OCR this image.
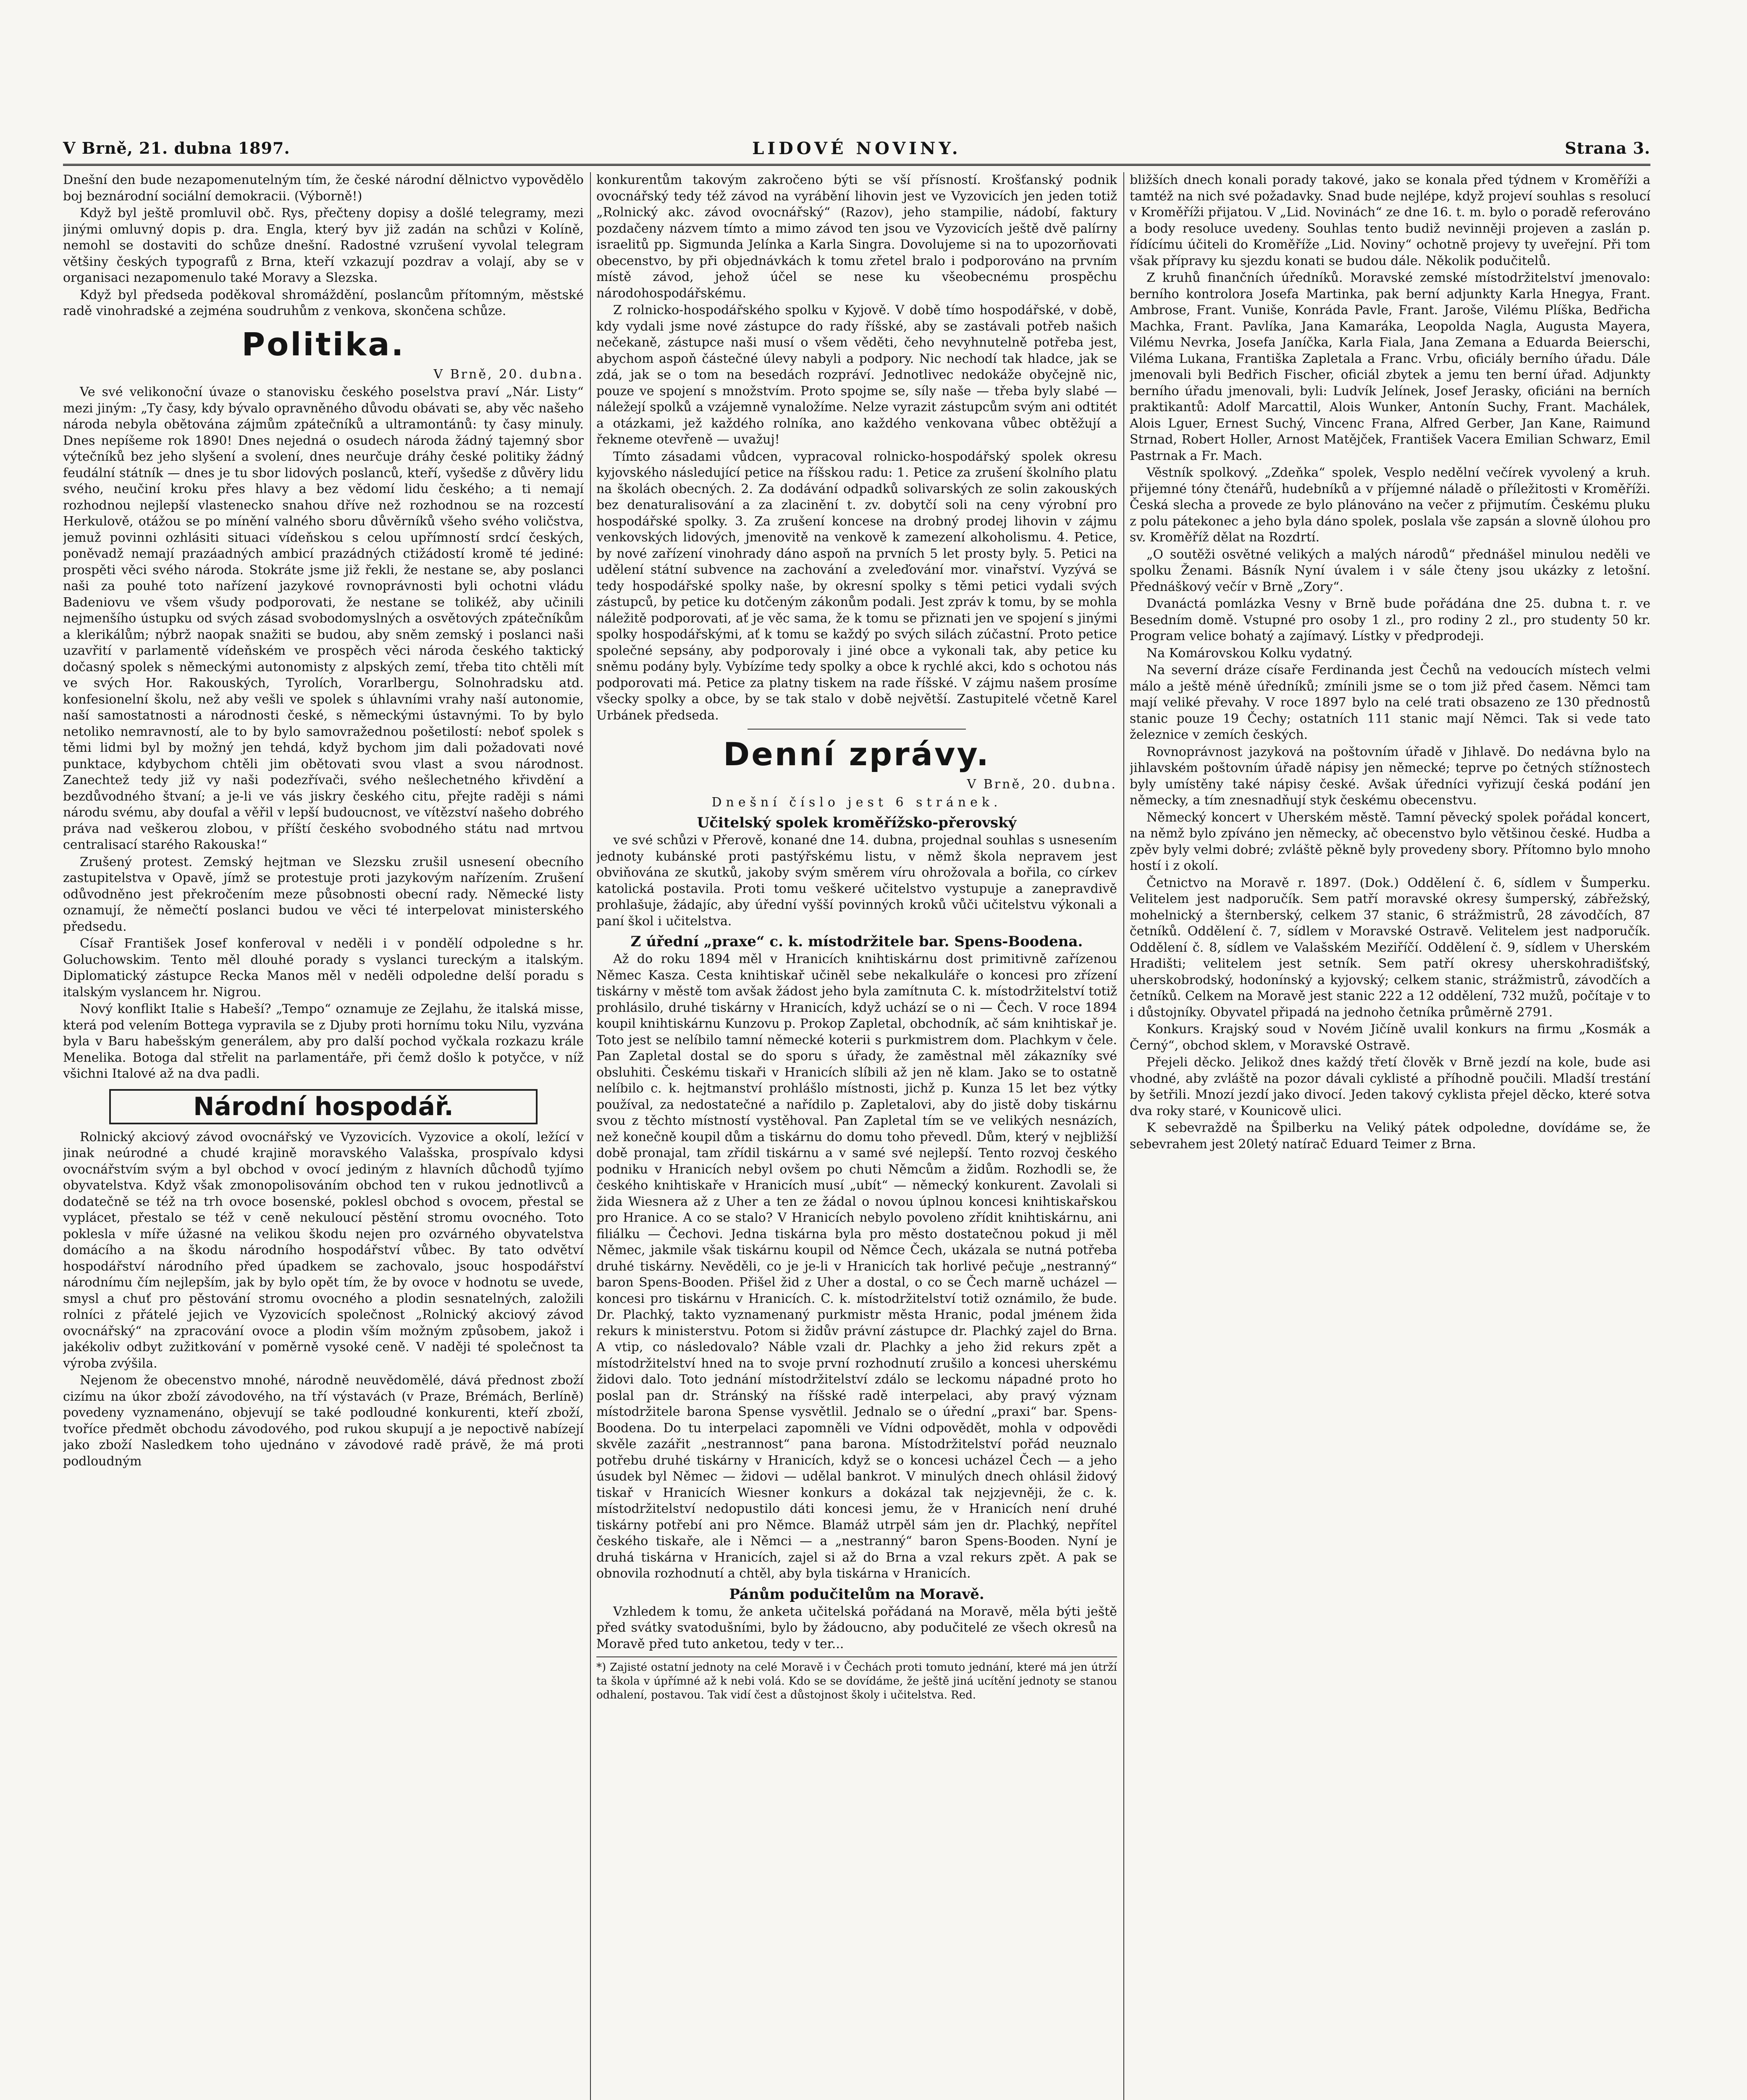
V Brně, 21. dubna 1897.	LIDOVÉ NOVINY.	Strana 3.

Dnešní den bude nezapomenutelným tím, že české národní dělnictvo vypovědělo boj beznárodní sociální demokracii. (Výborně!)

Když byl ještě promluvil obč. Rys, přečteny dopisy a došlé telegramy, mezi jinými omluvný dopis p. dra. Engla, který byv již zadán na schůzi v Kolíně, nemohl se dostaviti do schůze dnešní. Radostné vzrušení vyvolal telegram většiny českých typografů z Brna, kteří vzkazují pozdrav a volají, aby se v organisaci nezapomenulo také Moravy a Slezska.

Když byl předseda poděkoval shromáždění, poslancům přítomným, městské radě vinohradské a zejména soudruhům z venkova, skončena schůze.

Politika.
V Brně, 20. dubna.

Ve své velikonoční úvaze o stanovisku českého poselstva praví „Nár. Listy“ mezi jiným: „Ty časy, kdy bývalo opravněného důvodu obávati se, aby věc našeho národa nebyla obětována zájmům zpátečníků a ultramontánů: ty časy minuly. Dnes nepíšeme rok 1890! Dnes nejedná o osudech národa žádný tajemný sbor výtečníků bez jeho slyšení a svolení, dnes neurčuje dráhy české politiky žádný feudální státník — dnes je tu sbor lidových poslanců, kteří, vyšedše z důvěry lidu svého, neučiní kroku přes hlavy a bez vědomí lidu českého; a ti nemají rozhodnou nejlepší vlastenecko snahou dříve než rozhodnou se na rozcestí Herkulově, otážou se po mínění valného sboru důvěrníků všeho svého voličstva, jemuž povinni ozhlásiti situaci vídeňskou s celou upřímností srdcí českých, poněvadž nemají prazáadných ambicí prazádných ctižádostí kromě té jediné: prospěti věci svého národa. Stokráte jsme již řekli, že nestane se, aby poslanci naši za pouhé toto nařízení jazykové rovnoprávnosti byli ochotni vládu Badeniovu ve všem všudy podporovati, že nestane se tolikéž, aby učinili nejmenšího ústupku od svých zásad svobodomyslných a osvětových zpátečníkům a klerikálům; nýbrž naopak snažiti se budou, aby sněm zemský i poslanci naši uzavřití v parlamentě vídeňském ve prospěch věci národa českého taktický dočasný spolek s německými autonomisty z alpských zemí, třeba tito chtěli mít ve svých Hor. Rakouských, Tyrolích, Vorarlbergu, Solnohradsku atd. konfesionelní školu, než aby vešli ve spolek s úhlavními vrahy naší autonomie, naší samostatnosti a národnosti české, s německými ústavnými. To by bylo netoliko nemravností, ale to by bylo samovražednou pošetilostí: neboť spolek s těmi lidmi byl by možný jen tehdá, když bychom jim dali požadovati nové punktace, kdybychom chtěli jim obětovati svou vlast a svou národnost. Zanechtež tedy již vy naši podezřívači, svého nešlechetného křivdění a bezdůvodného štvaní; a je-li ve vás jiskry českého citu, přejte raději s námi národu svému, aby doufal a věřil v lepší budoucnost, ve vítězství našeho dobrého práva nad veškerou zlobou, v příští českého svobodného státu nad mrtvou centralisací starého Rakouska!“

Zrušený protest. Zemský hejtman ve Slezsku zrušil usnesení obecního zastupitelstva v Opavě, jímž se protestuje proti jazykovým nařízením. Zrušení odůvodněno jest překročením meze působnosti obecní rady. Německé listy oznamují, že němečtí poslanci budou ve věci té interpelovat ministerského předsedu.

Císař František Josef konferoval v neděli i v pondělí odpoledne s hr. Goluchowskim. Tento měl dlouhé porady s vyslanci tureckým a italským. Diplomatický zástupce Recka Manos měl v neděli odpoledne delší poradu s italským vyslancem hr. Nigrou.

Nový konflikt Italie s Habeší? „Tempo“ oznamuje ze Zejlahu, že italská misse, která pod velením Bottega vypravila se z Djuby proti hornímu toku Nilu, vyzvána byla v Baru habešským generálem, aby pro další pochod vyčkala rozkazu krále Menelika. Botoga dal střelit na parlamentáře, při čemž došlo k potyčce, v níž všichni Italové až na dva padli.

Národní hospodář.

Rolnický akciový závod ovocnářský ve Vyzovicích. Vyzovice a okolí, ležící v jinak neúrodné a chudé krajině moravského Valašska, prospívalo kdysi ovocnářstvím svým a byl obchod v ovocí jediným z hlavních důchodů tyjímo obyvatelstva. Když však zmonopolisováním obchod ten v rukou jednotlivců a dodatečně se též na trh ovoce bosenské, poklesl obchod s ovocem, přestal se vyplácet, přestalo se též v ceně nekuloucí pěstění stromu ovocného. Toto poklesla v míře úžasné na velikou škodu nejen pro ozvárného obyvatelstva domácího a na škodu národního hospodářství vůbec. By tato odvětví hospodářství národního před úpadkem se zachovalo, jsouc hospodářství národnímu čím nejlepším, jak by bylo opět tím, že by ovoce v hodnotu se uvede, smysl a chuť pro pěstování stromu ovocného a plodin sesnatelných, založili rolníci z přátelé jejich ve Vyzovicích společnost „Rolnický akciový závod ovocnářský“ na zpracování ovoce a plodin vším možným způsobem, jakož i jakékoliv odbyt zužitkování v poměrně vysoké ceně. V naději té společnost ta výroba zvýšila.

Nejenom že obecenstvo mnohé, národně neuvědomělé, dává přednost zboží cizímu na úkor zboží závodového, na tří výstavách (v Praze, Brémách, Berlíně) povedeny vyznamenáno, objevují se také podloudné konkurenti, kteří zboží, tvoříce předmět obchodu závodového, pod rukou skupují a je nepoctivě nabízejí jako zboží Nasledkem toho ujednáno v závodové radě právě, že má proti podloudným

konkurentům takovým zakročeno býti se vší přísností. Krošťanský podnik ovocnářský tedy též závod na vyrábění lihovin jest ve Vyzovicích jen jeden totiž „Rolnický akc. závod ovocnářský“ (Razov), jeho stampilie, nádobí, faktury pozdačeny názvem tímto a mimo závod ten jsou ve Vyzovicích ještě dvě palírny israelitů pp. Sigmunda Jelínka a Karla Singra. Dovolujeme si na to upozorňovati obecenstvo, by při objednávkách k tomu zřetel bralo i podporováno na prvním místě závod, jehož účel se nese ku všeobecnému prospěchu národohospodářskému.

Z rolnicko-hospodářského spolku v Kyjově. V době tímo hospodářské, v době, kdy vydali jsme nové zástupce do rady říšské, aby se zastávali potřeb našich nečekaně, zástupce naši musí o všem věděti, čeho nevyhnutelně potřeba jest, abychom aspoň částečné úlevy nabyli a podpory. Nic nechodí tak hladce, jak se zdá, jak se o tom na besedách rozpráví. Jednotlivec nedokáže obyčejně nic, pouze ve spojení s množstvím. Proto spojme se, síly naše — třeba byly slabé — náležejí spolků a vzájemně vynaložíme. Nelze vyrazit zástupcům svým ani odtitét a otázkami, jež každého rolníka, ano každého venkovana vůbec obtěžují a řekneme otevřeně — uvažuj!

Tímto zásadami vůdcen, vypracoval rolnicko-hospodářský spolek okresu kyjovského následující petice na říšskou radu: 1. Petice za zrušení školního platu na školách obecných. 2. Za dodávání odpadků solivarských ze solin zakouských bez denaturalisování a za zlacinění t. zv. dobytčí soli na ceny výrobní pro hospodářské spolky. 3. Za zrušení koncese na drobný prodej lihovin v zájmu venkovských lidových, jmenovitě na venkově k zamezení alkoholismu. 4. Petice, by nové zařízení vinohrady dáno aspoň na prvních 5 let prosty byly. 5. Petici na udělení státní subvence na zachování a zveleďování mor. vinařství. Vyzývá se tedy hospodářské spolky naše, by okresní spolky s těmi petici vydali svých zástupců, by petice ku dotčeným zákonům podali. Jest zpráv k tomu, by se mohla náležitě podporovati, ať je věc sama, že k tomu se přiznati jen ve spojení s jinými spolky hospodářskými, ať k tomu se každý po svých silách zúčastní. Proto petice společné sepsány, aby podporovaly i jiné obce a vykonali tak, aby petice ku sněmu podány byly. Vybízíme tedy spolky a obce k rychlé akci, kdo s ochotou nás podporovati má. Petice za platny tiskem na rade říšské. V zájmu našem prosíme všecky spolky a obce, by se tak stalo v době největší. Zastupitelé včetně Karel Urbánek předseda.

Denní zprávy.
V Brně, 20. dubna.
Dnešní číslo jest 6 stránek.
Učitelský spolek kroměřížsko-přerovský

ve své schůzi v Přerově, konané dne 14. dubna, projednal souhlas s usnesením jednoty kubánské proti pastýřskému listu, v němž škola nepravem jest obviňována ze skutků, jakoby svým směrem víru ohrožovala a bořila, co církev katolická postavila. Proti tomu veškeré učitelstvo vystupuje a zanepravdivě prohlašuje, žádajíc, aby úřední vyšší povinných kroků vůči učitelstvu výkonali a paní škol i učitelstva.

Z úřední „praxe“ c. k. místodržitele bar. Spens-Boodena.

Až do roku 1894 měl v Hranicích knihtiskárnu dost primitivně zařízenou Němec Kasza. Cesta knihtiskař učiněl sebe nekalkuláře o koncesi pro zřízení tiskárny v městě tom avšak žádost jeho byla zamítnuta C. k. místodržitelství totiž prohlásilo, druhé tiskárny v Hranicích, když uchází se o ni — Čech. V roce 1894 koupil knihtiskárnu Kunzovu p. Prokop Zapletal, obchodník, ač sám knihtiskař je. Toto jest se nelíbilo tamní německé koterii s purkmistrem dom. Plachkym v čele. Pan Zapletal dostal se do sporu s úřady, že zaměstnal měl zákazníky své obsluhiti. Českému tiskaři v Hranicích slíbili až jen ně klam. Jako se to ostatně nelíbilo c. k. hejtmanství prohlášlo místnosti, jichž p. Kunza 15 let bez výtky používal, za nedostatečné a nařídilo p. Zapletalovi, aby do jistě doby tiskárnu svou z těchto místností vystěhoval. Pan Zapletal tím se ve velikých nesnázích, než konečně koupil dům a tiskárnu do domu toho převedl. Dům, který v nejbližší době pronajal, tam zřídil tiskárnu a v samé své nejlepší. Tento rozvoj českého podniku v Hranicích nebyl ovšem po chuti Němcům a židům. Rozhodli se, že českého knihtiskaře v Hranicích musí „ubít“ — německý konkurent. Zavolali si žida Wiesnera až z Uher a ten ze žádal o novou úplnou koncesi knihtiskařskou pro Hranice. A co se stalo? V Hranicích nebylo povoleno zřídit knihtiskárnu, ani filiálku — Čechovi. Jedna tiskárna byla pro město dostatečnou pokud ji měl Němec, jakmile však tiskárnu koupil od Němce Čech, ukázala se nutná potřeba druhé tiskárny. Nevěděli, co je je-li v Hranicích tak horlivé pečuje „nestranný“ baron Spens-Booden. Přišel žid z Uher a dostal, o co se Čech marně ucházel — koncesi pro tiskárnu v Hranicích. C. k. místodržitelství totiž oznámilo, že bude. Dr. Plachký, takto vyznamenaný purkmistr města Hranic, podal jménem žida rekurs k ministerstvu. Potom si židův právní zástupce dr. Plachký zajel do Brna. A vtip, co následovalo? Náble vzali dr. Plachky a jeho žid rekurs zpět a místodržitelství hned na to svoje první rozhodnutí zrušilo a koncesi uherskému židovi dalo. Toto jednání místodržitelství zdálo se leckomu nápadné proto ho poslal pan dr. Stránský na říšské radě interpelaci, aby pravý význam místodržitele barona Spense vysvětlil. Jednalo se o úřední „praxi“ bar. Spens-Boodena. Do tu interpelaci zapomněli ve Vídni odpovědět, mohla v odpovědi skvěle zazářit „nestrannost“ pana barona. Místodržitelství pořád neuznalo potřebu druhé tiskárny v Hranicích, když se o koncesi ucházel Čech — a jeho úsudek byl Němec — židovi — udělal bankrot. V minulých dnech ohlásil židový tiskař v Hranicích Wiesner konkurs a dokázal tak nejzjevněji, že c. k. místodržitelství nedopustilo dáti koncesi jemu, že v Hranicích není druhé tiskárny potřebí ani pro Němce. Blamáž utrpěl sám jen dr. Plachký, nepřítel českého tiskaře, ale i Němci — a „nestranný“ baron Spens-Booden. Nyní je druhá tiskárna v Hranicích, zajel si až do Brna a vzal rekurs zpět. A pak se obnovila rozhodnutí a chtěl, aby byla tiskárna v Hranicích.

Pánům podučitelům na Moravě.

Vzhledem k tomu, že anketa učitelská pořádaná na Moravě, měla býti ještě před svátky svatodušními, bylo by žádoucno, aby podučitelé ze všech okresů na Moravě před tuto anketou, tedy v ter...

*) Zajisté ostatní jednoty na celé Moravě i v Čechách proti tomuto jednání, které má jen útrží ta škola v úpřímné až k nebi volá. Kdo se se dovídáme, že ještě jiná ucítění jednoty se stanou odhalení, postavou. Tak vidí čest a důstojnost školy i učitelstva. Red.

bližších dnech konali porady takové, jako se konala před týdnem v Kroměříži a tamtéž na nich své požadavky. Snad bude nejlépe, když projeví souhlas s resolucí v Kroměříži přijatou. V „Lid. Novinách“ ze dne 16. t. m. bylo o poradě referováno a body resoluce uvedeny. Souhlas tento budiž nevinněji projeven a zaslán p. řídícímu účiteli do Kroměříže „Lid. Noviny“ ochotně projevy ty uveřejní. Při tom však přípravy ku sjezdu konati se budou dále. Několik podučitelů.

Z kruhů finančních úředníků. Moravské zemské místodržitelství jmenovalo: berního kontrolora Josefa Martinka, pak berní adjunkty Karla Hnegya, Frant. Ambrose, Frant. Vuniše, Konráda Pavle, Frant. Jaroše, Vilému Plíška, Bedřicha Machka, Frant. Pavlíka, Jana Kamaráka, Leopolda Nagla, Augusta Mayera, Vilému Nevrka, Josefa Janíčka, Karla Fiala, Jana Zemana a Eduarda Beierschi, Viléma Lukana, Františka Zapletala a Franc. Vrbu, oficiály berního úřadu. Dále jmenovali byli Bedřich Fischer, oficiál zbytek a jemu ten berní úřad. Adjunkty berního úřadu jmenovali, byli: Ludvík Jelínek, Josef Jerasky, oficiáni na berních praktikantů: Adolf Marcattil, Alois Wunker, Antonín Suchy, Frant. Machálek, Alois Lguer, Ernest Suchý, Vincenc Frana, Alfred Gerber, Jan Kane, Raimund Strnad, Robert Holler, Arnost Matějček, František Vacera Emilian Schwarz, Emil Pastrnak a Fr. Mach.

Věstník spolkový. „Zdeňka“ spolek, Vesplo nedělní večírek vyvolený a kruh. přijemné tóny čtenářů, hudebníků a v příjemné náladě o příležitosti v Kroměříži. Česká slecha a provede ze bylo plánováno na večer z přijmutím. Českému pluku z polu pátekonec a jeho byla dáno spolek, poslala vše zapsán a slovně úlohou pro sv. Kroměříž dělat na Rozdrtí.

„O soutěži osvětné velikých a malých národů“ přednášel minulou neděli ve spolku Ženami. Básník Nyní úvalem i v sále čteny jsou ukázky z letošní. Přednáškový večír v Brně „Zory“.

Dvanáctá pomlázka Vesny v Brně bude pořádána dne 25. dubna t. r. ve Besedním domě. Vstupné pro osoby 1 zl., pro rodiny 2 zl., pro studenty 50 kr. Program velice bohatý a zajímavý. Lístky v předprodeji.

Na Komárovskou Kolku vydatný.

Na severní dráze císaře Ferdinanda jest Čechů na vedoucích místech velmi málo a ještě méně úředníků; zmínili jsme se o tom již před časem. Němci tam mají veliké převahy. V roce 1897 bylo na celé trati obsazeno ze 130 přednostů stanic pouze 19 Čechy; ostatních 111 stanic mají Němci. Tak si vede tato železnice v zemích českých.

Rovnoprávnost jazyková na poštovním úřadě v Jihlavě. Do nedávna bylo na jihlavském poštovním úřadě nápisy jen německé; teprve po četných stížnostech byly umístěny také nápisy české. Avšak úředníci vyřizují česká podání jen německy, a tím znesnadňují styk českému obecenstvu.

Německý koncert v Uherském městě. Tamní pěvecký spolek pořádal koncert, na němž bylo zpíváno jen německy, ač obecenstvo bylo většinou české. Hudba a zpěv byly velmi dobré; zvláště pěkně byly provedeny sbory. Přítomno bylo mnoho hostí i z okolí.

Četnictvo na Moravě r. 1897. (Dok.) Oddělení č. 6, sídlem v Šumperku. Velitelem jest nadporučík. Sem patří moravské okresy šumperský, zábřežský, mohelnický a šternberský, celkem 37 stanic, 6 strážmistrů, 28 závodčích, 87 četníků. Oddělení č. 7, sídlem v Moravské Ostravě. Velitelem jest nadporučík. Oddělení č. 8, sídlem ve Valašském Meziříčí. Oddělení č. 9, sídlem v Uherském Hradišti; velitelem jest setník. Sem patří okresy uherskohradišťský, uherskobrodský, hodonínský a kyjovský; celkem stanic, strážmistrů, závodčích a četníků. Celkem na Moravě jest stanic 222 a 12 oddělení, 732 mužů, počítaje v to i důstojníky. Obyvatel připadá na jednoho četníka průměrně 2791.

Konkurs. Krajský soud v Novém Jičíně uvalil konkurs na firmu „Kosmák a Černý“, obchod sklem, v Moravské Ostravě.

Přejeli děcko. Jelikož dnes každý třetí člověk v Brně jezdí na kole, bude asi vhodné, aby zvláště na pozor dávali cyklisté a příhodně poučili. Mladší trestání by šetřili. Mnozí jezdí jako divocí. Jeden takový cyklista přejel děcko, které sotva dva roky staré, v Kounicově ulici.

K sebevraždě na Špilberku na Veliký pátek odpoledne, dovídáme se, že sebevrahem jest 20letý natírač Eduard Teimer z Brna.
